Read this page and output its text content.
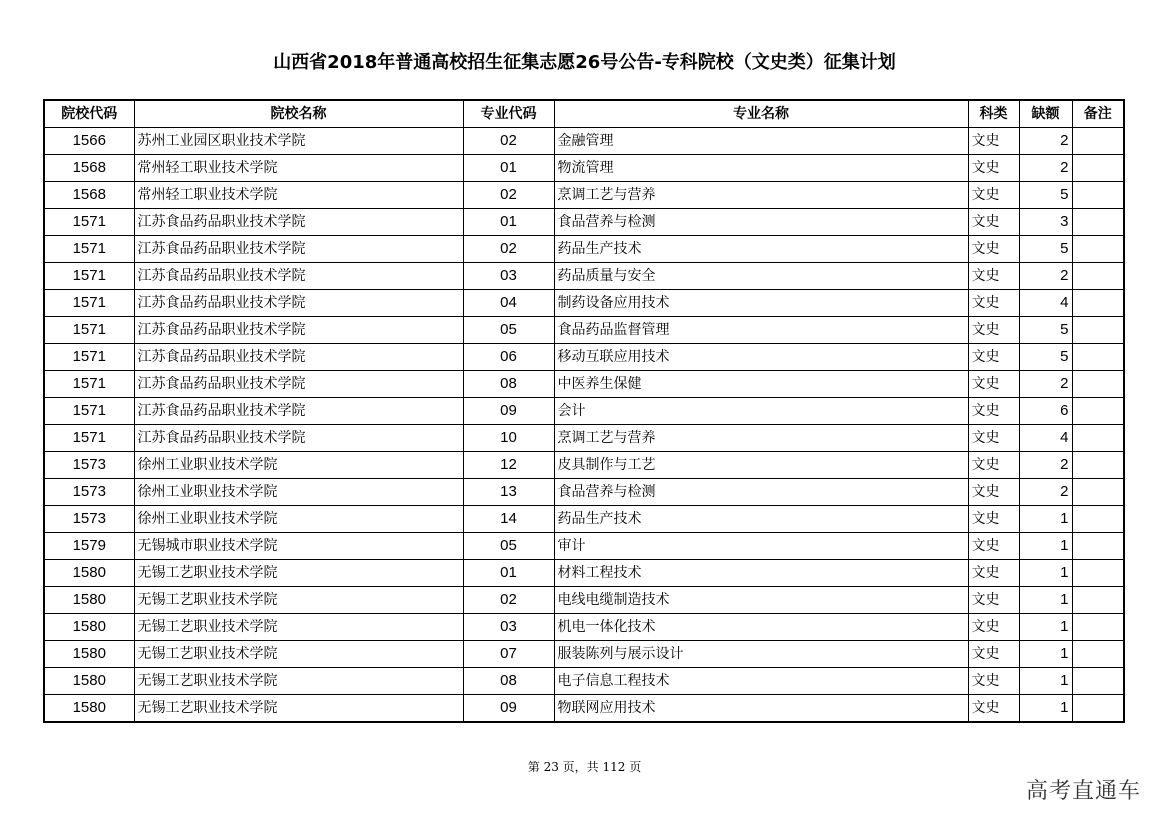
山西省2018年普通高校招生征集志愿26号公告-专科院校（文史类）征集计划
院校代码	院校名称	专业代码	专业名称	科类	缺额	备注
1566	苏州工业园区职业技术学院	02	金融管理	文史	2	
1568	常州轻工职业技术学院	01	物流管理	文史	2	
1568	常州轻工职业技术学院	02	烹调工艺与营养	文史	5	
1571	江苏食品药品职业技术学院	01	食品营养与检测	文史	3	
1571	江苏食品药品职业技术学院	02	药品生产技术	文史	5	
1571	江苏食品药品职业技术学院	03	药品质量与安全	文史	2	
1571	江苏食品药品职业技术学院	04	制药设备应用技术	文史	4	
1571	江苏食品药品职业技术学院	05	食品药品监督管理	文史	5	
1571	江苏食品药品职业技术学院	06	移动互联应用技术	文史	5	
1571	江苏食品药品职业技术学院	08	中医养生保健	文史	2	
1571	江苏食品药品职业技术学院	09	会计	文史	6	
1571	江苏食品药品职业技术学院	10	烹调工艺与营养	文史	4	
1573	徐州工业职业技术学院	12	皮具制作与工艺	文史	2	
1573	徐州工业职业技术学院	13	食品营养与检测	文史	2	
1573	徐州工业职业技术学院	14	药品生产技术	文史	1	
1579	无锡城市职业技术学院	05	审计	文史	1	
1580	无锡工艺职业技术学院	01	材料工程技术	文史	1	
1580	无锡工艺职业技术学院	02	电线电缆制造技术	文史	1	
1580	无锡工艺职业技术学院	03	机电一体化技术	文史	1	
1580	无锡工艺职业技术学院	07	服装陈列与展示设计	文史	1	
1580	无锡工艺职业技术学院	08	电子信息工程技术	文史	1	
1580	无锡工艺职业技术学院	09	物联网应用技术	文史	1	
第 23 页，共 112 页
高考直通车
